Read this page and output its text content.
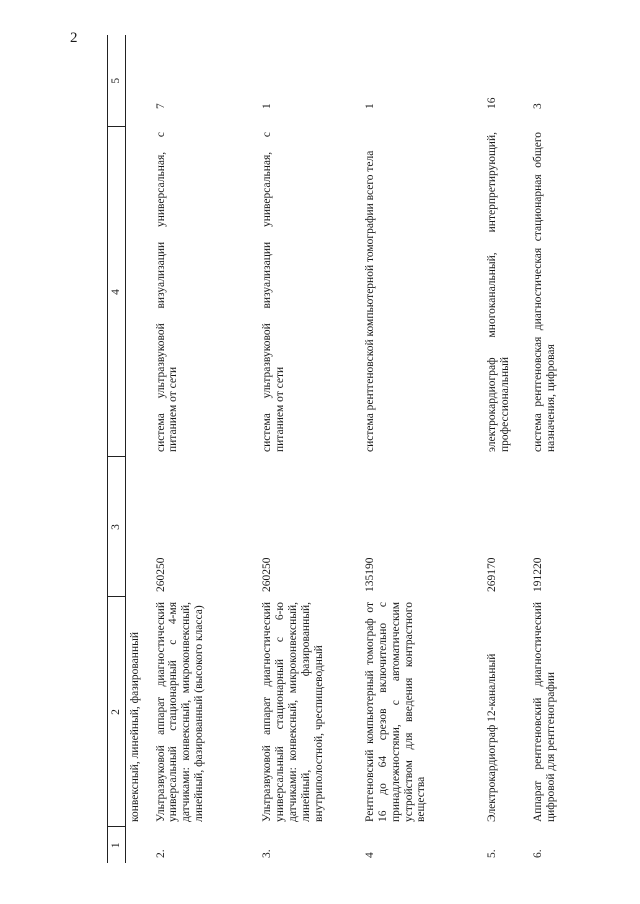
2
1	2	3	4	5
	конвексный, линейный, фазированный			
2.	Ультразвуковой аппарат диагностический универсальный стационарный с 4-мя датчиками: конвексный, микроконвексный, линейный, фазированный (высокого класса)	260250	система ультразвуковой визуализации универсальная, с питанием от сети	7
3.	Ультразвуковой аппарат диагностический универсальный стационарный с 6-ю датчиками: конвексный, микроконвексный, линейный, фазированный, внутриполостной, чреспищеводный	260250	система ультразвуковой визуализации универсальная, с питанием от сети	1
4	Рентгеновский компьютерный томограф от 16 до 64 срезов включительно с принадлежностями, с автоматическим устройством для введения контрастного вещества	135190	система рентгеновской компьютерной томографии всего тела	1
5.	Электрокардиограф 12-канальный	269170	электрокардиограф многоканальный, интерпретирующий, профессиональный	16
6.	Аппарат рентгеновский диагностический цифровой для рентгенографии	191220	система рентгеновская диагностическая стационарная общего назначения, цифровая	3
